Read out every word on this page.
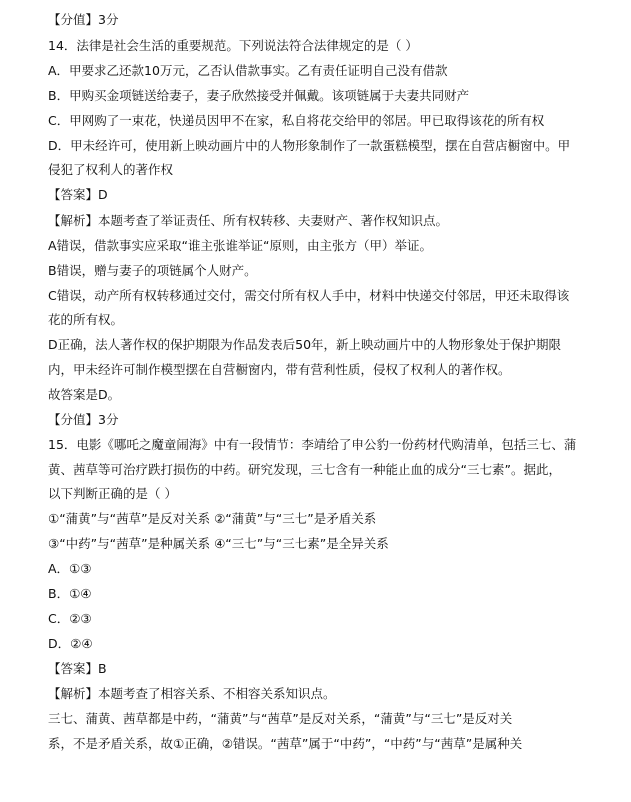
【分值】3分
14．法律是社会生活的重要规范。下列说法符合法律规定的是（ ）
A．甲要求乙还款10万元，乙否认借款事实。乙有责任证明自己没有借款
B．甲购买金项链送给妻子，妻子欣然接受并佩戴。该项链属于夫妻共同财产
C．甲网购了一束花，快递员因甲不在家，私自将花交给甲的邻居。甲已取得该花的所有权
D．甲未经许可，使用新上映动画片中的人物形象制作了一款蛋糕模型，摆在自营店橱窗中。甲
侵犯了权利人的著作权
【答案】D
【解析】本题考查了举证责任、所有权转移、夫妻财产、著作权知识点。
A错误，借款事实应采取“谁主张谁举证“原则，由主张方（甲）举证。
B错误，赠与妻子的项链属个人财产。
C错误，动产所有权转移通过交付，需交付所有权人手中，材料中快递交付邻居，甲还未取得该
花的所有权。
D正确，法人著作权的保护期限为作品发表后50年，新上映动画片中的人物形象处于保护期限
内，甲未经许可制作模型摆在自营橱窗内，带有营利性质，侵权了权利人的著作权。
故答案是D。
【分值】3分
15．电影《哪吒之魔童闹海》中有一段情节：李靖给了申公豹一份药材代购清单，包括三七、蒲
黄、茜草等可治疗跌打损伤的中药。研究发现，三七含有一种能止血的成分“三七素”。据此，
以下判断正确的是（ ）
①“蒲黄”与“茜草”是反对关系 ②“蒲黄”与“三七”是矛盾关系
③“中药”与“茜草”是种属关系 ④“三七”与“三七素”是全异关系
A．①③
B．①④
C．②③
D．②④
【答案】B
【解析】本题考查了相容关系、不相容关系知识点。
三七、蒲黄、茜草都是中药，“蒲黄”与“茜草”是反对关系，“蒲黄”与“三七”是反对关
系，不是矛盾关系，故①正确，②错误。“茜草”属于“中药”，“中药”与“茜草”是属种关
